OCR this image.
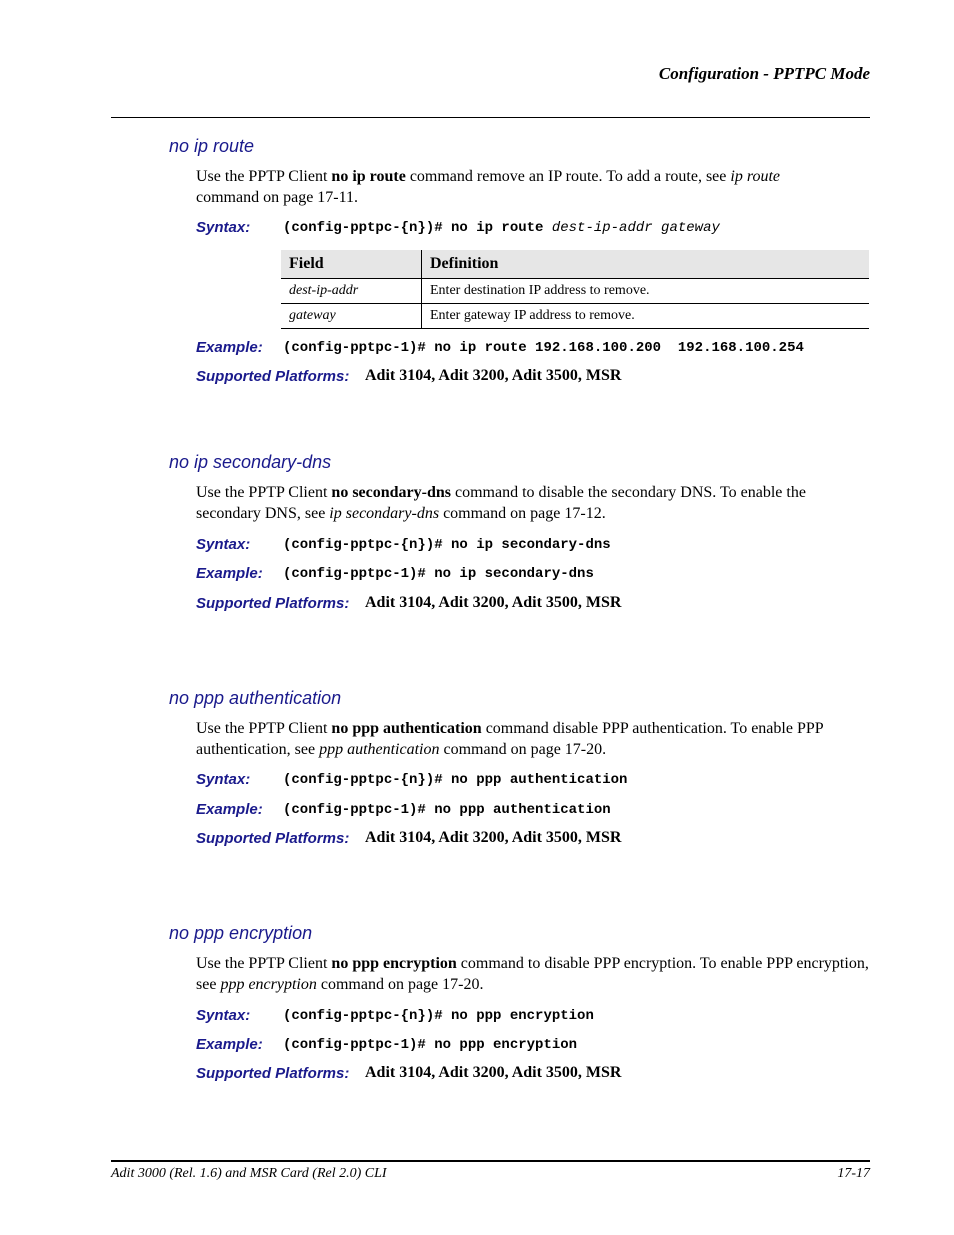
Configuration - PPTPC Mode
no ip route
Use the PPTP Client no ip route command remove an IP route. To add a route, see ip route
command on page 17-11.
Syntax: (config-pptpc-{n})# no ip route dest-ip-addr gateway
Field	Definition
dest-ip-addr	Enter destination IP address to remove.
gateway	Enter gateway IP address to remove.
Example: (config-pptpc-1)# no ip route 192.168.100.200  192.168.100.254
Supported Platforms: Adit 3104, Adit 3200, Adit 3500, MSR
no ip secondary-dns
Use the PPTP Client no secondary-dns command to disable the secondary DNS. To enable the secondary DNS, see ip secondary-dns command on page 17-12.
Syntax: (config-pptpc-{n})# no ip secondary-dns
Example: (config-pptpc-1)# no ip secondary-dns
Supported Platforms: Adit 3104, Adit 3200, Adit 3500, MSR
no ppp authentication
Use the PPTP Client no ppp authentication command disable PPP authentication. To enable PPP authentication, see ppp authentication command on page 17-20.
Syntax: (config-pptpc-{n})# no ppp authentication
Example: (config-pptpc-1)# no ppp authentication
Supported Platforms: Adit 3104, Adit 3200, Adit 3500, MSR
no ppp encryption
Use the PPTP Client no ppp encryption command to disable PPP encryption. To enable PPP encryption, see ppp encryption command on page 17-20.
Syntax: (config-pptpc-{n})# no ppp encryption
Example: (config-pptpc-1)# no ppp encryption
Supported Platforms: Adit 3104, Adit 3200, Adit 3500, MSR
Adit 3000 (Rel. 1.6) and MSR Card (Rel 2.0) CLI	17-17
